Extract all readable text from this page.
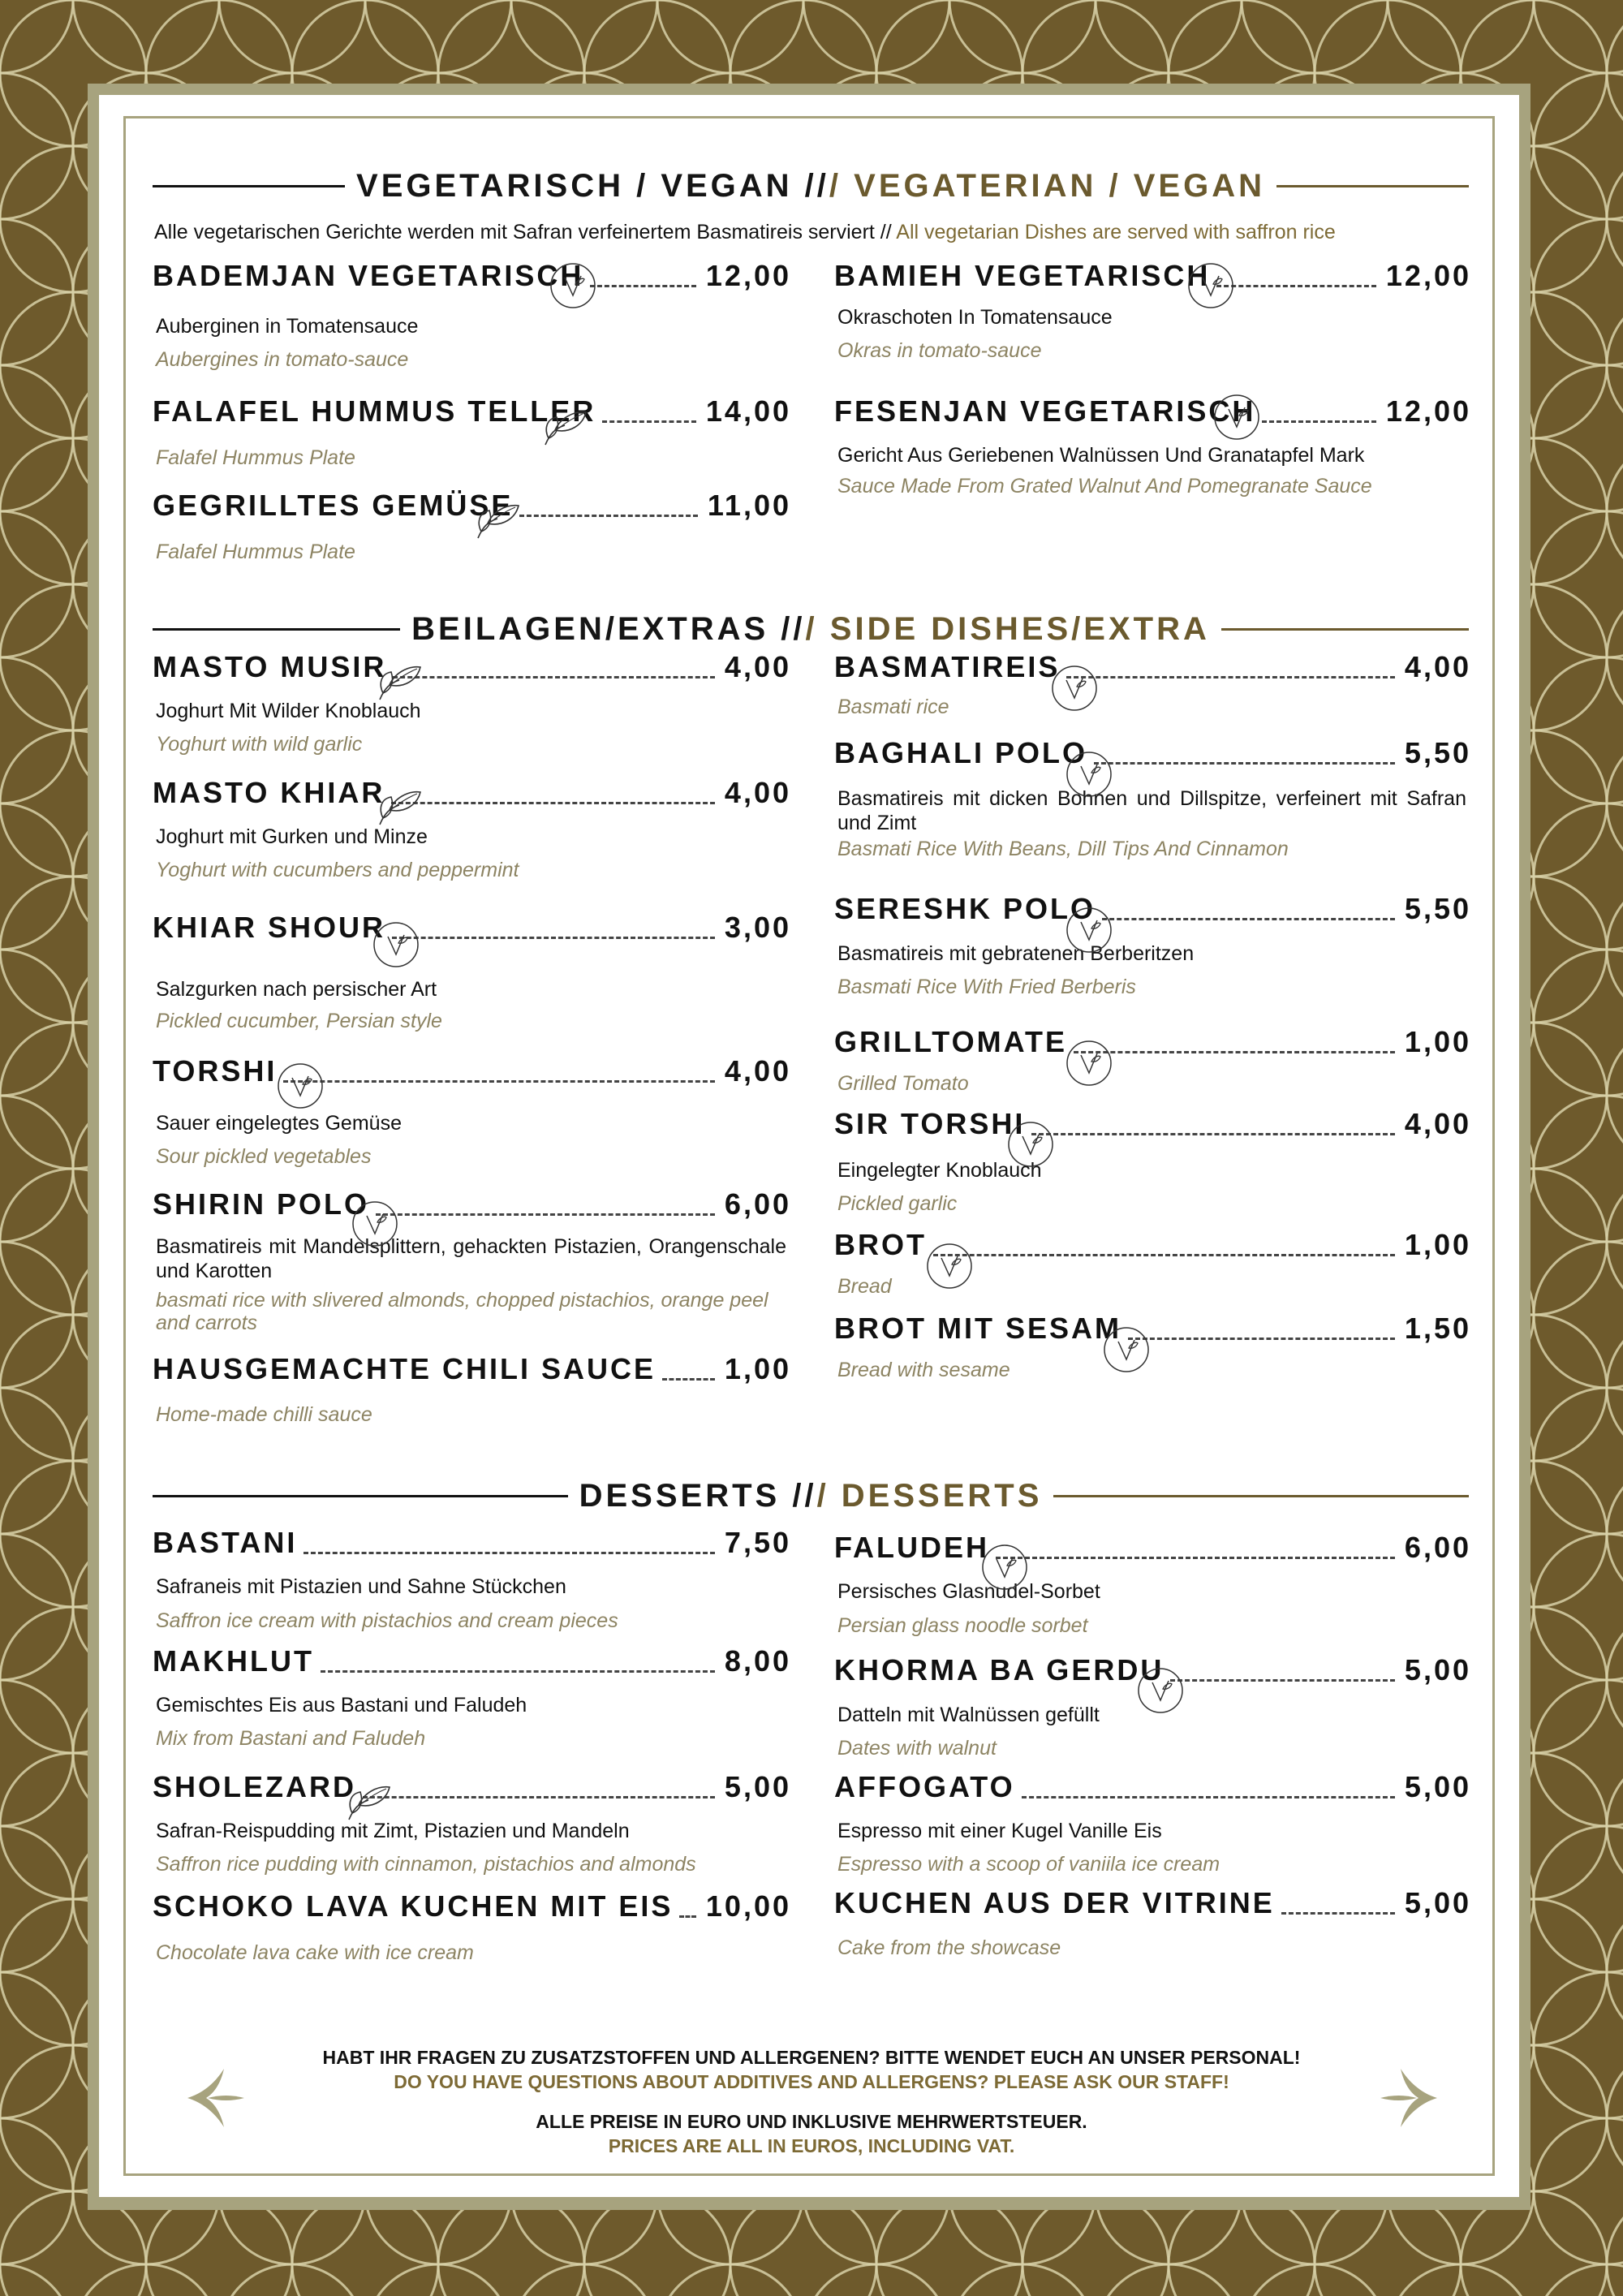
VEGETARISCH / VEGAN /// VEGATERIAN / VEGAN
Alle vegetarischen Gerichte werden mit Safran verfeinertem Basmatireis serviert // All vegetarian Dishes are served with saffron rice
BEILAGEN/EXTRAS /// SIDE DISHES/EXTRA
DESSERTS /// DESSERTS
BADEMJAN VEGETARISCH	12,00
Auberginen in Tomatensauce
Aubergines in tomato-sauce
BAMIEH VEGETARISCH	12,00
Okraschoten In Tomatensauce
Okras in tomato-sauce
FALAFEL HUMMUS TELLER	14,00
Falafel Hummus Plate
FESENJAN VEGETARISCH	12,00
Gericht Aus Geriebenen Walnüssen Und Granatapfel Mark
Sauce Made From Grated Walnut And Pomegranate Sauce
GEGRILLTES GEMÜSE	11,00
Falafel Hummus Plate
MASTO MUSIR	4,00
Joghurt Mit Wilder Knoblauch
Yoghurt with wild garlic
BASMATIREIS	4,00
Basmati rice
MASTO KHIAR	4,00
Joghurt mit Gurken und Minze
Yoghurt with cucumbers and peppermint
BAGHALI POLO	5,50
Basmatireis mit dicken Bohnen und Dillspitze, verfeinert mit Safran und Zimt
Basmati Rice With Beans, Dill Tips And Cinnamon
KHIAR SHOUR	3,00
Salzgurken nach persischer Art
Pickled cucumber, Persian style
SERESHK POLO	5,50
Basmatireis mit gebratenen Berberitzen
Basmati Rice With Fried Berberis
GRILLTOMATE	1,00
Grilled Tomato
TORSHI	4,00
Sauer eingelegtes Gemüse
Sour pickled vegetables
SIR TORSHI	4,00
Eingelegter Knoblauch
Pickled garlic
SHIRIN POLO	6,00
Basmatireis mit Mandelsplittern, gehackten Pistazien, Orangenschale und Karotten
basmati rice with slivered almonds, chopped pistachios, orange peel and carrots
BROT	1,00
Bread
BROT MIT SESAM	1,50
Bread with sesame
HAUSGEMACHTE CHILI SAUCE 1,00
Home-made chilli sauce
BASTANI	7,50
Safraneis mit Pistazien und Sahne Stückchen
Saffron ice cream with pistachios and cream pieces
FALUDEH	6,00
Persisches Glasnudel-Sorbet
Persian glass noodle sorbet
MAKHLUT	8,00
Gemischtes Eis aus Bastani und Faludeh
Mix from Bastani and Faludeh
KHORMA BA GERDU	5,00
Datteln mit Walnüssen gefüllt
Dates with walnut
SHOLEZARD	5,00
Safran-Reispudding mit Zimt, Pistazien und Mandeln
Saffron rice pudding with cinnamon, pistachios and almonds
AFFOGATO	5,00
Espresso mit einer Kugel Vanille Eis
Espresso with a scoop of vaniila ice cream
SCHOKO LAVA KUCHEN MIT EIS 10,00
Chocolate lava cake with ice cream
KUCHEN AUS DER VITRINE	5,00
Cake from the showcase
HABT IHR FRAGEN ZU ZUSATZSTOFFEN UND ALLERGENEN? BITTE WENDET EUCH AN UNSER PERSONAL!
DO YOU HAVE QUESTIONS ABOUT ADDITIVES AND ALLERGENS? PLEASE ASK OUR STAFF!
ALLE PREISE IN EURO UND INKLUSIVE MEHRWERTSTEUER.
PRICES ARE ALL IN EUROS, INCLUDING VAT.
